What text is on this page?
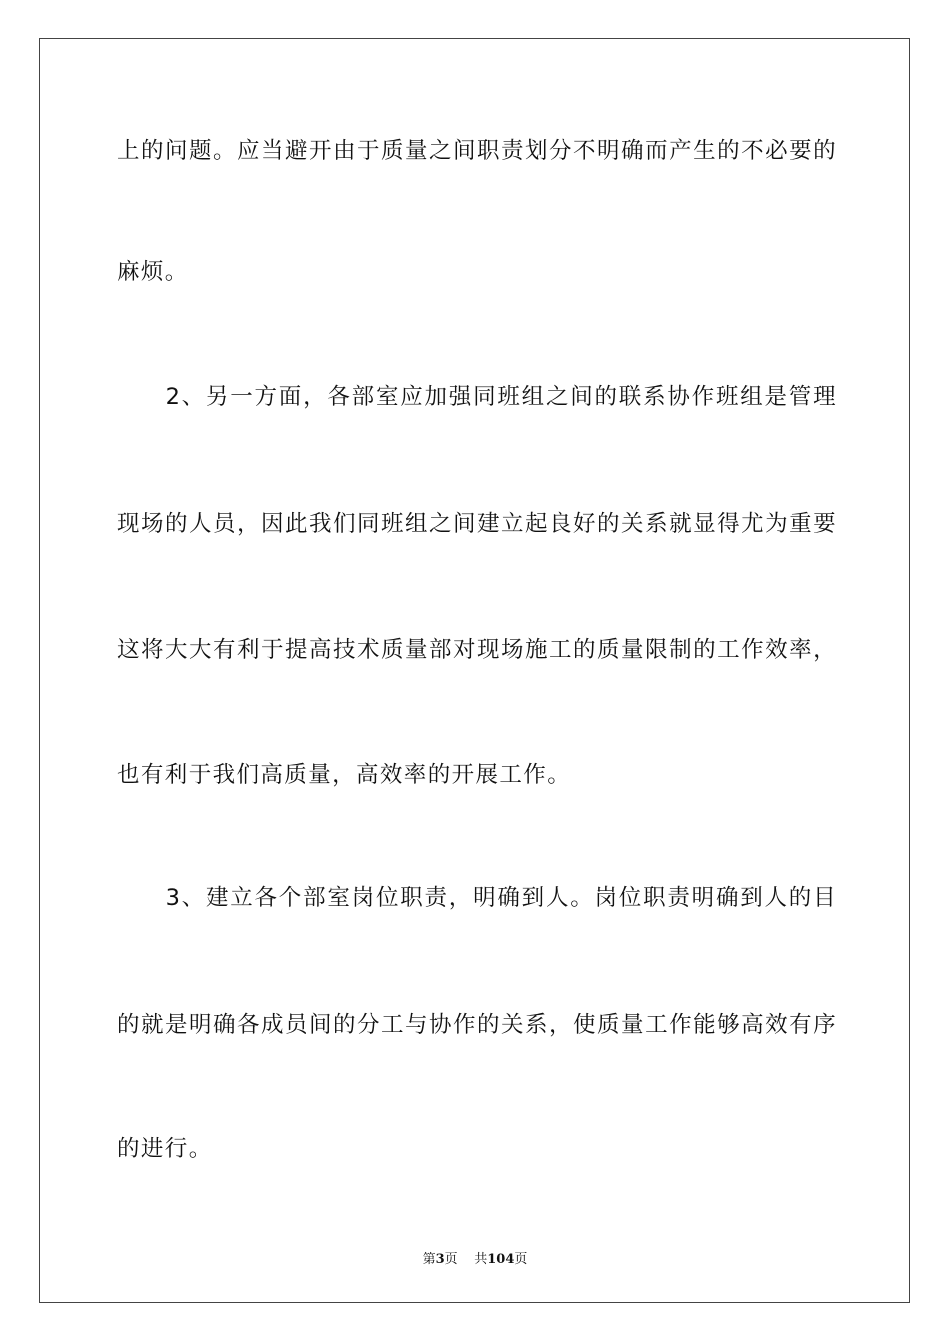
上的问题。应当避开由于质量之间职责划分不明确而产生的不必要的
麻烦。
　　2、另一方面，各部室应加强同班组之间的联系协作班组是管理
现场的人员，因此我们同班组之间建立起良好的关系就显得尤为重要
这将大大有利于提高技术质量部对现场施工的质量限制的工作效率，
也有利于我们高质量，高效率的开展工作。
　　3、建立各个部室岗位职责，明确到人。岗位职责明确到人的目
的就是明确各成员间的分工与协作的关系，使质量工作能够高效有序
的进行。
第3页 共104页
